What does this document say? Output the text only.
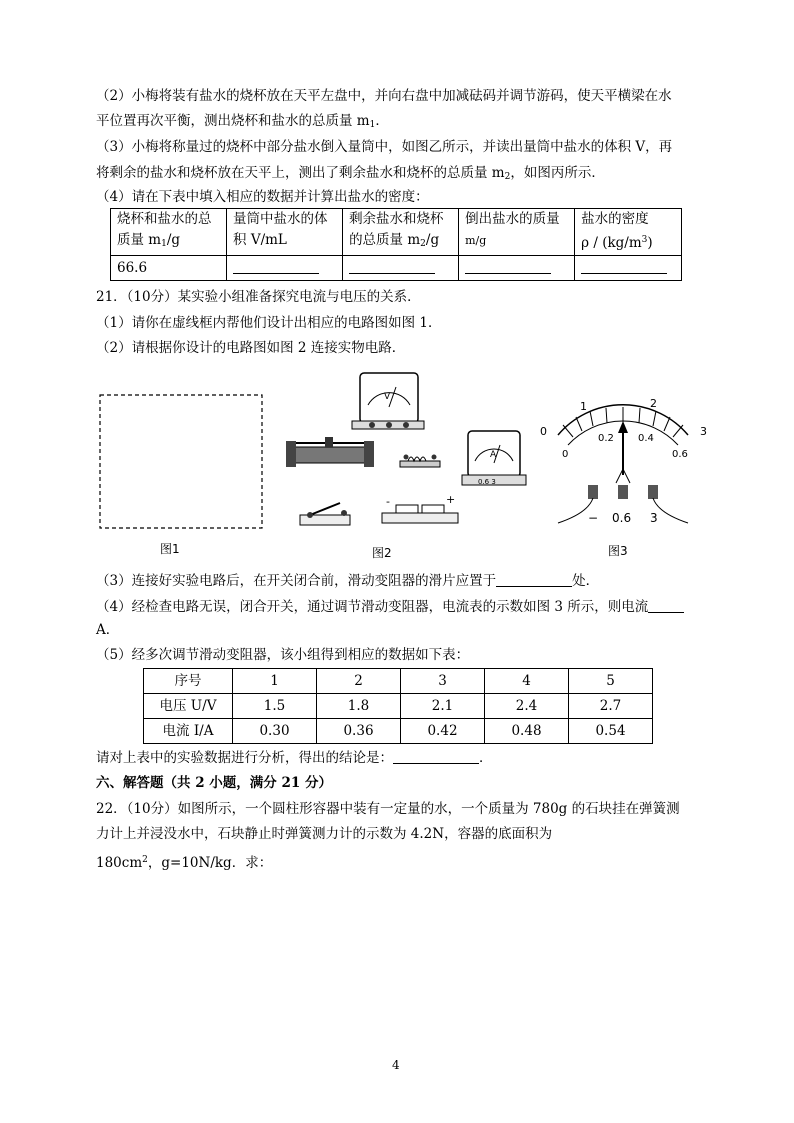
（2）小梅将装有盐水的烧杯放在天平左盘中，并向右盘中加减砝码并调节游码，使天平横梁在水
平位置再次平衡，测出烧杯和盐水的总质量 $m_1$．
（3）小梅将称量过的烧杯中部分盐水倒入量筒中，如图乙所示，并读出量筒中盐水的体积 V，再
将剩余的盐水和烧杯放在天平上，测出了剩余盐水和烧杯的总质量 $m_2$，如图丙所示．
（4）请在下表中填入相应的数据并计算出盐水的密度：
烧杯和盐水的总
质量 $m_1/g$	量筒中盐水的体
积 V/mL	剩余盐水和烧杯
的总质量 $m_2/g$	倒出盐水的质量
m/g	盐水的密度
ρ / $(kg/m^3)$
66.6				
21．（10分）某实验小组准备探究电流与电压的关系．
（1）请你在虚线框内帮他们设计出相应的电路图如图 1．
（2）请根据你设计的电路图如图 2 连接实物电路．
图1
V
A
0.6 3
-	+
图2
0
1	2
3
0
0.2 0.4
0.6
− 0.6 3
图3
（3）连接好实验电路后，在开关闭合前，滑动变阻器的滑片应置于	处．
（4）经检查电路无误，闭合开关，通过调节滑动变阻器，电流表的示数如图 3 所示，则电流
A．
（5）经多次调节滑动变阻器，该小组得到相应的数据如下表：
序号	1	2	3	4	5
电压 U/V	1.5	1.8	2.1	2.4	2.7
电流 I/A	0.30	0.36	0.42	0.48	0.54
请对上表中的实验数据进行分析，得出的结论是：	．
六、解答题（共 2 小题，满分 21 分）
22．（10分）如图所示，一个圆柱形容器中装有一定量的水，一个质量为 780g 的石块挂在弹簧测
力计上并浸没水中，石块静止时弹簧测力计的示数为 4.2N，容器的底面积为
$180cm^2$，g=10N/kg．求：
4
